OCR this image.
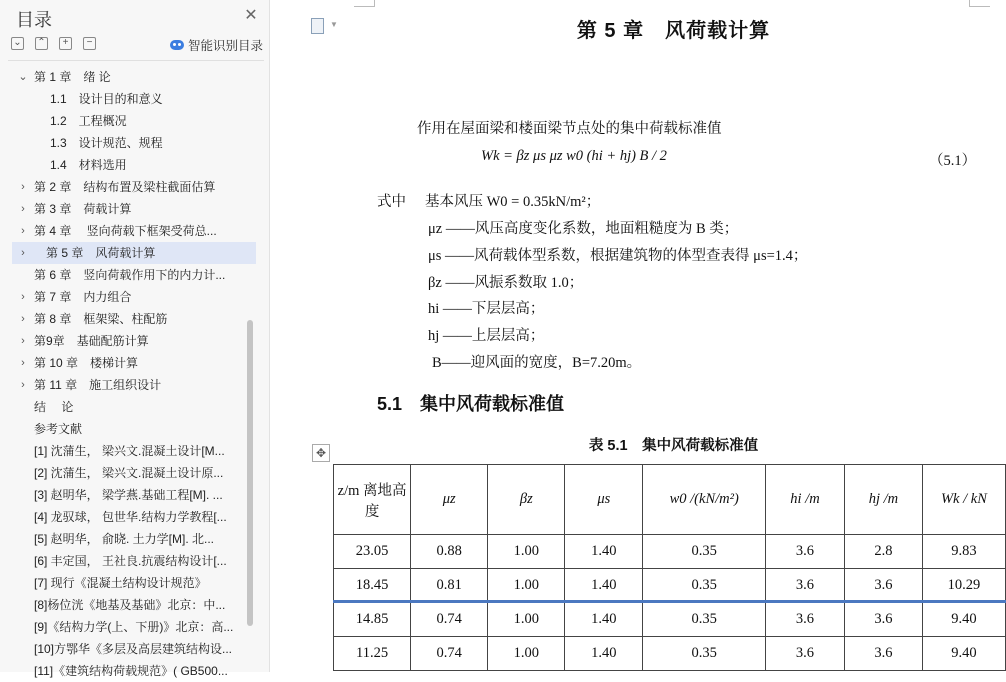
目录	✕
⌄ ⌃	+	−	智能识别目录
⌄ 第 1 章　绪 论
1.1　设计目的和意义
1.2　工程概况
1.3　设计规范、规程
1.4　材料选用
› 第 2 章　结构布置及梁柱截面估算
› 第 3 章　荷载计算
› 第 4 章　 竖向荷载下框架受荷总...
› 第 5 章　风荷载计算
第 6 章　竖向荷载作用下的内力计...
› 第 7 章　内力组合
› 第 8 章　框架梁、柱配筋
› 第9章　基础配筋计算
› 第 10 章　楼梯计算
› 第 11 章　施工组织设计
结　 论
参考文献
[1] 沈蒲生， 梁兴文.混凝土设计[M...
[2] 沈蒲生， 梁兴文.混凝土设计原...
[3] 赵明华， 梁学燕.基础工程[M]. ...
[4] 龙驭球， 包世华.结构力学教程[...
[5] 赵明华， 俞晓. 土力学[M]. 北...
[6] 丰定国， 王社良.抗震结构设计[...
[7] 现行《混凝土结构设计规范》
[8]杨位洸《地基及基础》北京：中...
[9]《结构力学(上、下册)》北京：高...
[10]方鄂华《多层及高层建筑结构设...
[11]《建筑结构荷载规范》( GB500...
▼	第 5 章　风荷载计算
作用在屋面梁和楼面梁节点处的集中荷载标准值
Wk = βz μs μz w0 (hi + hj) B / 2	（5.1）
式中 基本风压 W0 = 0.35kN/m²；
μz ——风压高度变化系数，地面粗糙度为 B 类；
μs ——风荷载体型系数，根据建筑物的体型查表得 μs=1.4；
βz ——风振系数取 1.0；
hi ——下层层高；
hj ——上层层高；
B——迎风面的宽度，B=7.20m。
5.1　集中风荷载标准值
表 5.1　集中风荷载标准值
✥
z/m 离地高度	μz	βz	μs	w0 /(kN/m²)	hi /m	hj /m	Wk / kN
23.05	0.88	1.00	1.40	0.35	3.6	2.8	9.83
18.45	0.81	1.00	1.40	0.35	3.6	3.6	10.29
14.85	0.74	1.00	1.40	0.35	3.6	3.6	9.40
11.25	0.74	1.00	1.40	0.35	3.6	3.6	9.40
